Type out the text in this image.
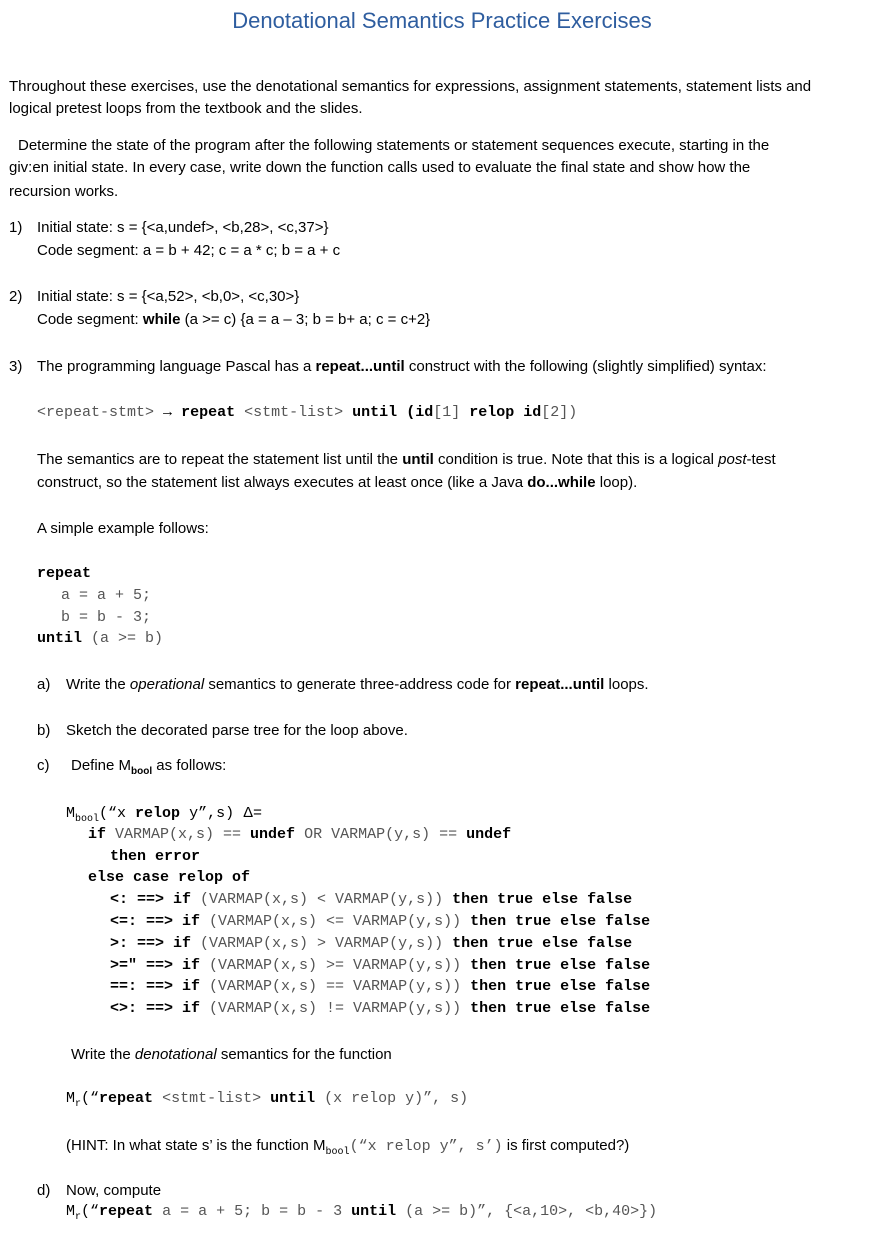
Denotational Semantics Practice Exercises
Throughout these exercises, use the denotational semantics for expressions, assignment statements, statement lists and
logical pretest loops from the textbook and the slides.
Determine the state of the program after the following statements or statement sequences execute, starting in the
giv:en initial state. In every case, write down the function calls used to evaluate the final state and show how the
recursion works.
1) Initial state: s = {<a,undef>, <b,28>, <c,37>}
Code segment: a = b + 42; c = a * c; b = a + c
2) Initial state: s = {<a,52>, <b,0>, <c,30>}
Code segment: while (a >= c) {a = a – 3; b = b+ a; c = c+2}
3) The programming language Pascal has a repeat...until construct with the following (slightly simplified) syntax:
<repeat-stmt> → repeat <stmt-list> until (id[1] relop id[2])
The semantics are to repeat the statement list until the until condition is true. Note that this is a logical post-test
construct, so the statement list always executes at least once (like a Java do...while loop).
A simple example follows:
repeat
a = a + 5;
b = b - 3;
until (a >= b)
a) Write the operational semantics to generate three-address code for repeat...until loops.
b) Sketch the decorated parse tree for the loop above.
c) Define $M_{bool}$ as follows:
$M_{bool}(“x$ relop y”,s) Δ=
if VARMAP(x,s) == undef OR VARMAP(y,s) == undef
then error
else case relop of
<: ==> if (VARMAP(x,s) < VARMAP(y,s)) then true else false
<=: ==> if (VARMAP(x,s) <= VARMAP(y,s)) then true else false
>: ==> if (VARMAP(x,s) > VARMAP(y,s)) then true else false
>=" ==> if (VARMAP(x,s) >= VARMAP(y,s)) then true else false
==: ==> if (VARMAP(x,s) == VARMAP(y,s)) then true else false
<>: ==> if (VARMAP(x,s) != VARMAP(y,s)) then true else false
Write the denotational semantics for the function
$M_r(“repeat$ <stmt-list> until (x relop y)”, s)
(HINT: In what state s’ is the function $M_{bool}(“x$ relop y”, s’) is first computed?)
d) Now, compute
$M_r(“repeat$ a = a + 5; b = b - 3 until (a >= b)”, {<a,10>, <b,40>})
